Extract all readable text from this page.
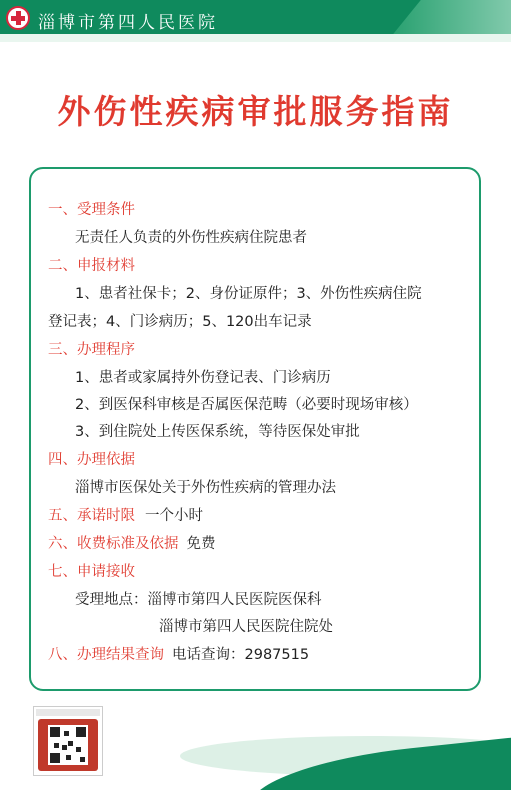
淄博市第四人民医院
外伤性疾病审批服务指南
一、受理条件
无责任人负责的外伤性疾病住院患者
二、申报材料
1、患者社保卡；2、身份证原件；3、外伤性疾病住院
登记表；4、门诊病历；5、120出车记录
三、办理程序
1、患者或家属持外伤登记表、门诊病历
2、到医保科审核是否属医保范畴（必要时现场审核）
3、到住院处上传医保系统，等待医保处审批
四、办理依据
淄博市医保处关于外伤性疾病的管理办法
五、承诺时限 一个小时
六、收费标准及依据 免费
七、申请接收
受理地点：淄博市第四人民医院医保科
淄博市第四人民医院住院处
八、办理结果查询 电话查询：2987515
